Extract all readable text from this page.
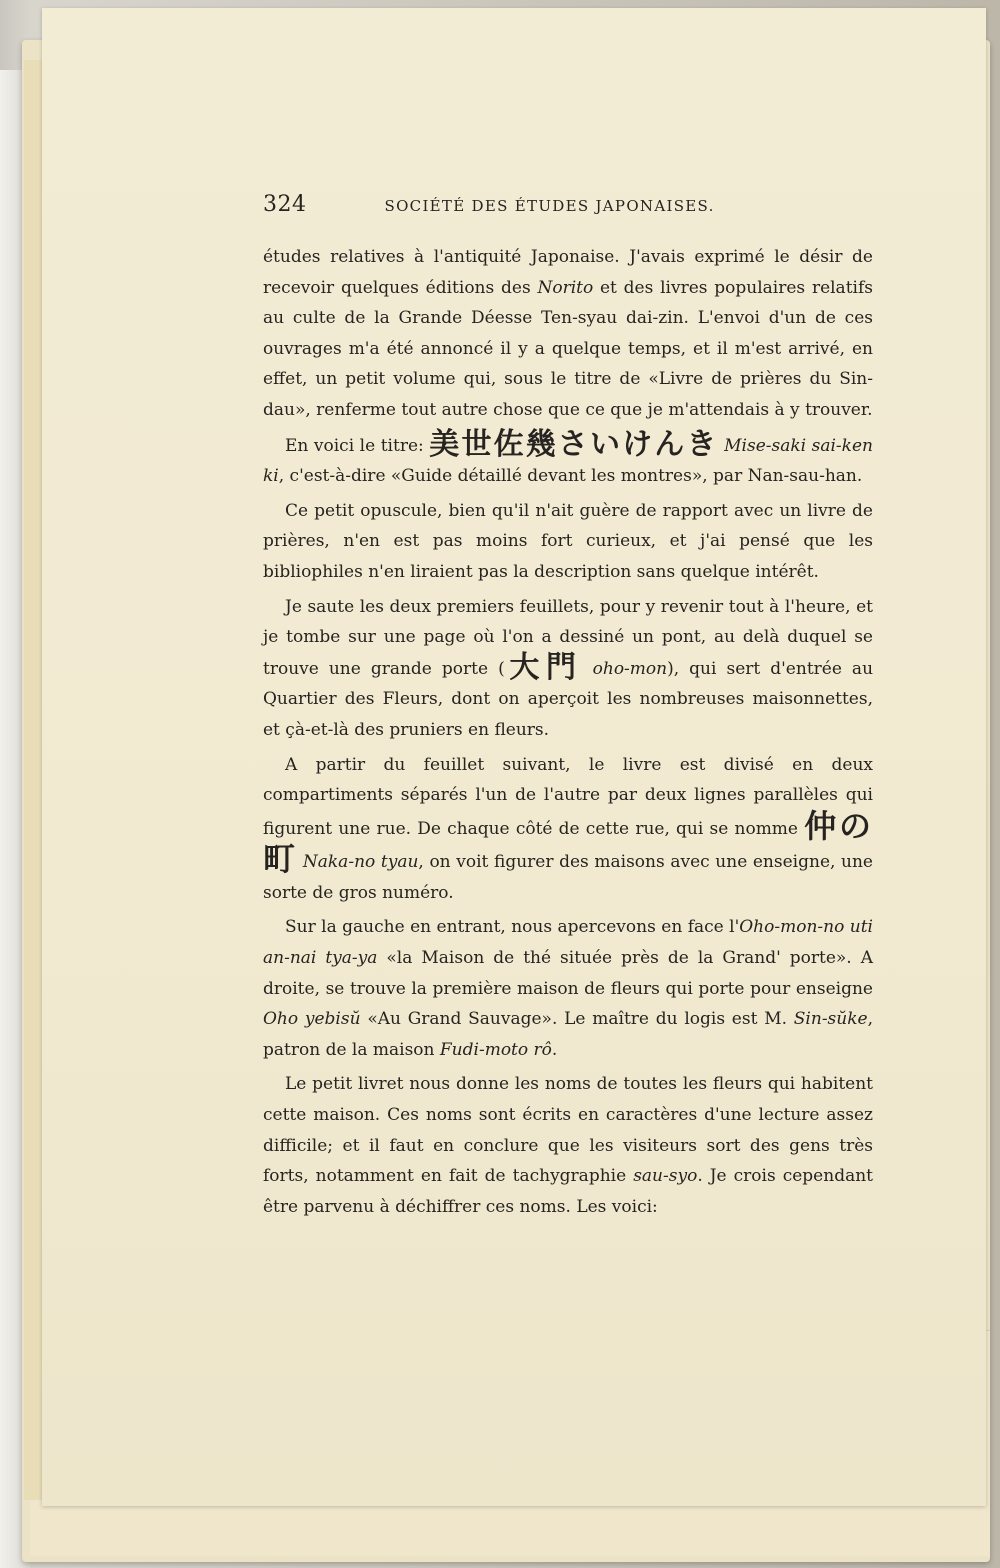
324	SOCIÉTÉ DES ÉTUDES JAPONAISES.

études relatives à l'antiquité Japonaise. J'avais exprimé le désir de recevoir quelques éditions des Norito et des livres populaires relatifs au culte de la Grande Déesse Ten-syau dai-zin. L'envoi d'un de ces ouvrages m'a été annoncé il y a quelque temps, et il m'est arrivé, en effet, un petit volume qui, sous le titre de «Livre de prières du Sin-dau», renferme tout autre chose que ce que je m'attendais à y trouver.

En voici le titre: 美世佐幾さいけんき Mise-saki sai-ken ki, c'est-à-dire «Guide détaillé devant les montres», par Nan-sau-han.

Ce petit opuscule, bien qu'il n'ait guère de rapport avec un livre de prières, n'en est pas moins fort curieux, et j'ai pensé que les bibliophiles n'en liraient pas la description sans quelque intérêt.

Je saute les deux premiers feuillets, pour y revenir tout à l'heure, et je tombe sur une page où l'on a dessiné un pont, au delà duquel se trouve une grande porte (大門 oho-mon), qui sert d'entrée au Quartier des Fleurs, dont on aperçoit les nombreuses maisonnettes, et çà-et-là des pruniers en fleurs.

A partir du feuillet suivant, le livre est divisé en deux compartiments séparés l'un de l'autre par deux lignes parallèles qui figurent une rue. De chaque côté de cette rue, qui se nomme 仲の町 Naka-no tyau, on voit figurer des maisons avec une enseigne, une sorte de gros numéro.

Sur la gauche en entrant, nous apercevons en face l'Oho-mon-no uti an-nai tya-ya «la Maison de thé située près de la Grand' porte». A droite, se trouve la première maison de fleurs qui porte pour enseigne Oho yebisŭ «Au Grand Sauvage». Le maître du logis est M. Sin-sŭke, patron de la maison Fudi-moto rô.

Le petit livret nous donne les noms de toutes les fleurs qui habitent cette maison. Ces noms sont écrits en caractères d'une lecture assez difficile; et il faut en conclure que les visiteurs sort des gens très forts, notamment en fait de tachygraphie sau-syo. Je crois cependant être parvenu à déchiffrer ces noms. Les voici:
